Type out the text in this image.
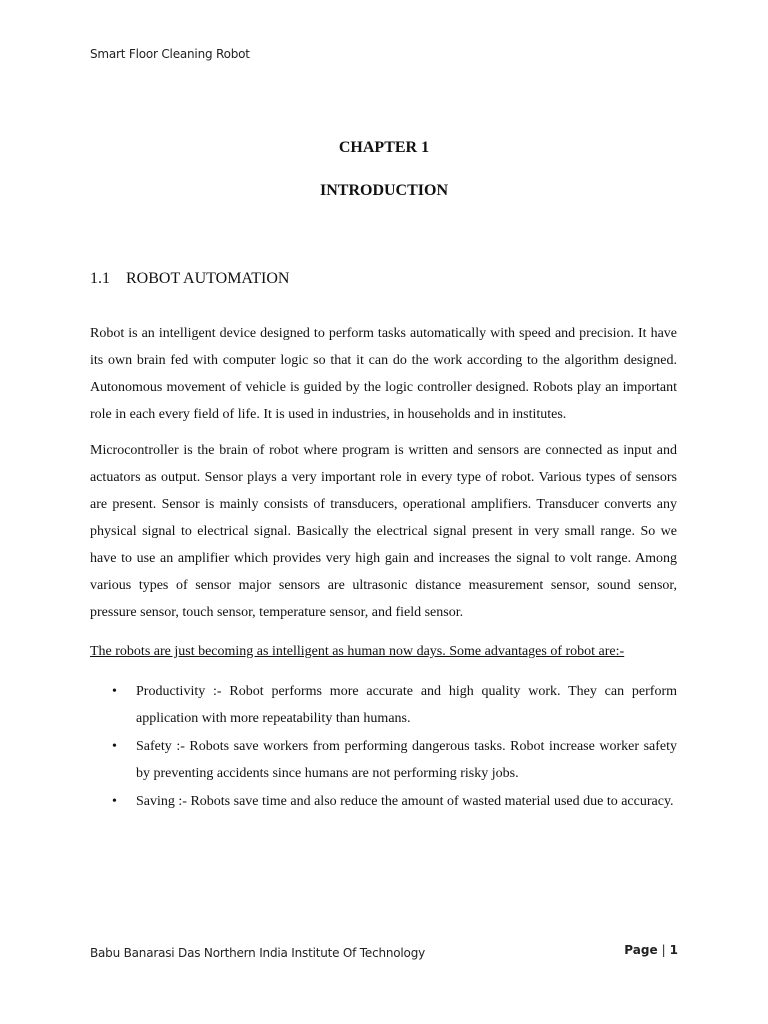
Smart Floor Cleaning Robot
CHAPTER 1
INTRODUCTION
1.1 ROBOT AUTOMATION

Robot is an intelligent device designed to perform tasks automatically with speed and precision. It have its own brain fed with computer logic so that it can do the work according to the algorithm designed. Autonomous movement of vehicle is guided by the logic controller designed. Robots play an important role in each every field of life. It is used in industries, in households and in institutes.

Microcontroller is the brain of robot where program is written and sensors are connected as input and actuators as output. Sensor plays a very important role in every type of robot. Various types of sensors are present. Sensor is mainly consists of transducers, operational amplifiers. Transducer converts any physical signal to electrical signal. Basically the electrical signal present in very small range. So we have to use an amplifier which provides very high gain and increases the signal to volt range. Among various types of sensor major sensors are ultrasonic distance measurement sensor, sound sensor, pressure sensor, touch sensor, temperature sensor, and field sensor.

The robots are just becoming as intelligent as human now days. Some advantages of robot are:-

• Productivity :- Robot performs more accurate and high quality work. They can perform application with more repeatability than humans.
• Safety :- Robots save workers from performing dangerous tasks. Robot increase worker safety by preventing accidents since humans are not performing risky jobs.
• Saving :- Robots save time and also reduce the amount of wasted material used due to accuracy.
Babu Banarasi Das Northern India Institute Of Technology	Page | 1
